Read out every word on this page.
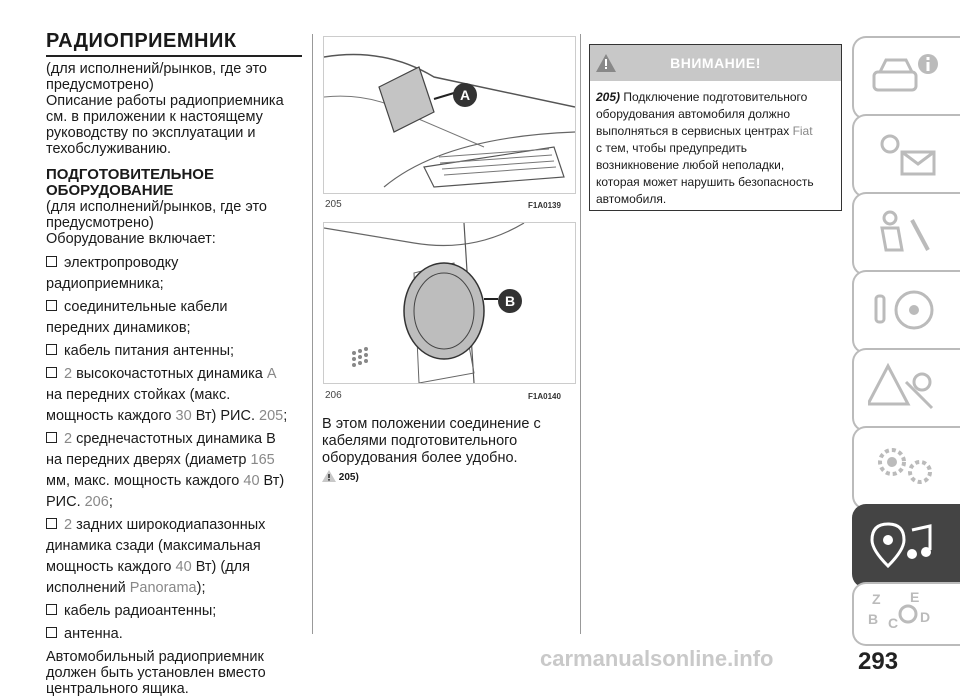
РАДИОПРИЕМНИК

(для исполнений/рынков, где это

предусмотрено)

Описание работы радиоприемника

см. в приложении к настоящему

руководству по эксплуатации и

техобслуживанию.

ПОДГОТОВИТЕЛЬНОЕ

ОБОРУДОВАНИЕ

(для исполнений/рынков, где это

предусмотрено)

Оборудование включает:

электропроводку

радиоприемника;

соединительные кабели

передних динамиков;

кабель питания антенны;

2 высокочастотных динамика A

на передних стойках (макс.

мощность каждого 30 Вт) РИС. 205;

2 среднечастотных динамика B

на передних дверях (диаметр 165

мм, макс. мощность каждого 40 Вт)

РИС. 206;

2 задних широкодиапазонных

динамика сзади (максимальная

мощность каждого 40 Вт) (для

исполнений Panorama);

кабель радиоантенны;

антенна.

Автомобильный радиоприемник

должен быть установлен вместо

центрального ящика.

A
205	F1A0139
B
206	F1A0140
В этом положении соединение с
кабелями подготовительного
оборудования более удобно.
205)
ВНИМАНИЕ!
205) Подключение подготовительного
оборудования автомобиля должно
выполняться в сервисных центрах Fiat
с тем, чтобы предупредить
возникновение любой неполадки,
которая может нарушить безопасность
автомобиля.
Z E
B C D
carmanualsonline.info	293
